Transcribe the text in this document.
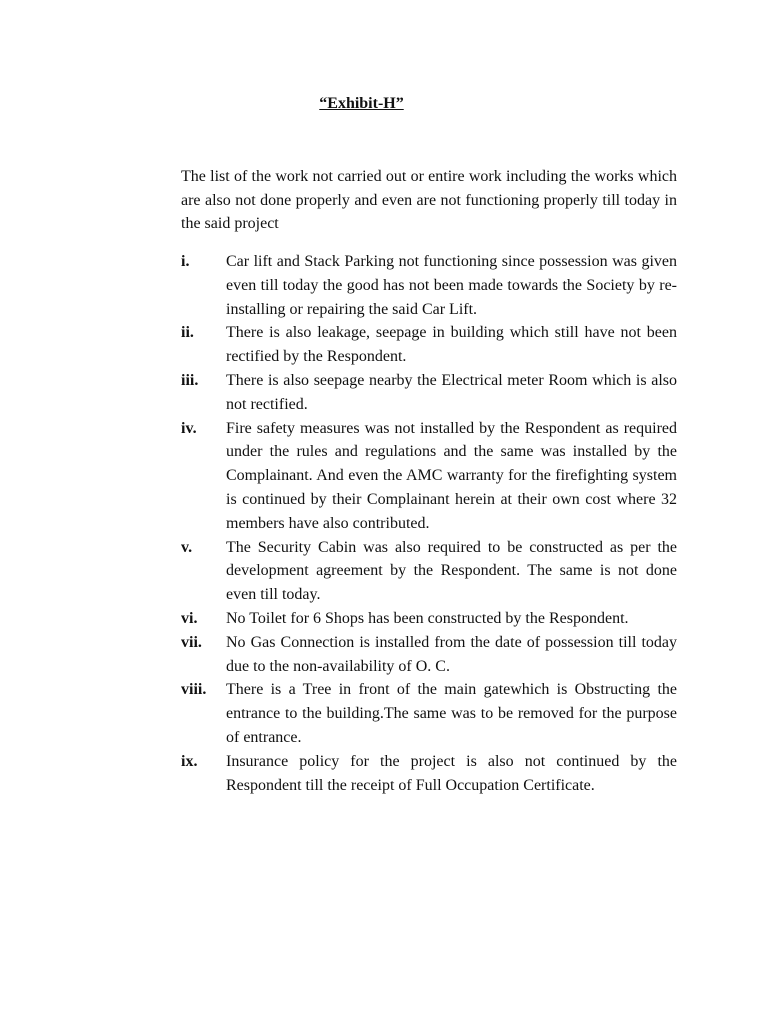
“Exhibit-H”

The list of the work not carried out or entire work including the works which are also not done properly and even are not functioning properly till today in the said project

i.	Car lift and Stack Parking not functioning since possession was given even till today the good has not been made towards the Society by re-installing or repairing the said Car Lift.
ii.	There is also leakage, seepage in building which still have not been rectified by the Respondent.
iii.	There is also seepage nearby the Electrical meter Room which is also not rectified.
iv.	Fire safety measures was not installed by the Respondent as required under the rules and regulations and the same was installed by the Complainant. And even the AMC warranty for the firefighting system is continued by their Complainant herein at their own cost where 32 members have also contributed.
v.	The Security Cabin was also required to be constructed as per the development agreement by the Respondent. The same is not done even till today.
vi.	No Toilet for 6 Shops has been constructed by the Respondent.
vii.	No Gas Connection is installed from the date of possession till today due to the non-availability of O. C.
viii.	There is a Tree in front of the main gatewhich is Obstructing the entrance to the building.The same was to be removed for the purpose of entrance.
ix.	Insurance policy for the project is also not continued by the Respondent till the receipt of Full Occupation Certificate.
